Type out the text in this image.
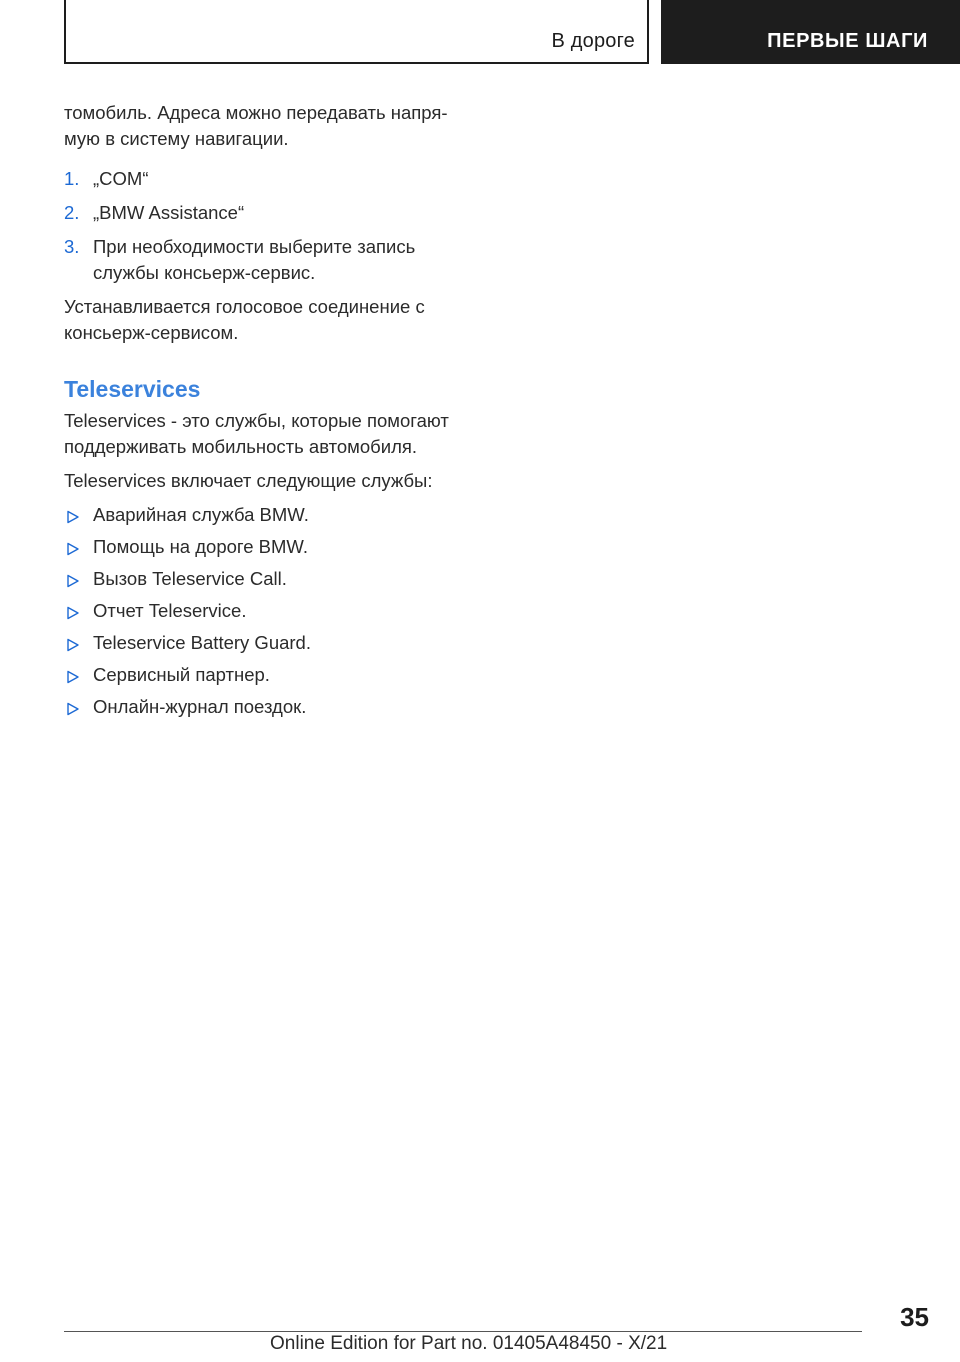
В дороге	ПЕРВЫЕ ШАГИ

томобиль. Адреса можно передавать напря‐
мую в систему навигации.

1. „COM“
2. „BMW Assistance“
3. При необходимости выберите запись службы консьерж-сервис.

Устанавливается голосовое соединение с консьерж-сервисом.

Teleservices

Teleservices - это службы, которые помогают поддерживать мобильность автомобиля.

Teleservices включает следующие службы:

Аварийная служба BMW.
Помощь на дороге BMW.
Вызов Teleservice Call.
Отчет Teleservice.
Teleservice Battery Guard.
Сервисный партнер.
Онлайн-журнал поездок.
35
Online Edition for Part no. 01405A48450 - X/21
